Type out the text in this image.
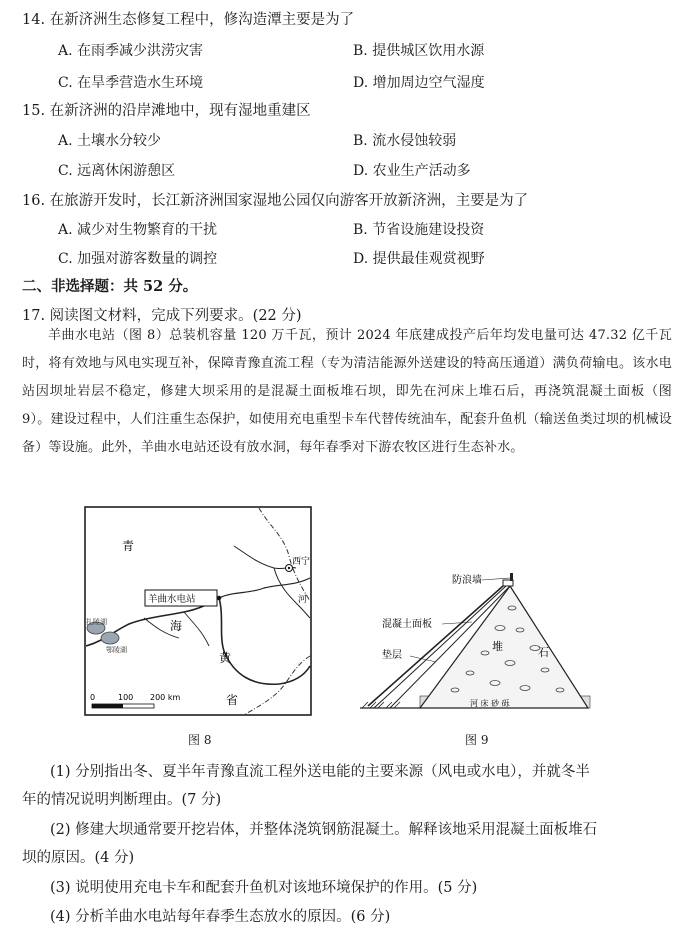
14. 在新济洲生态修复工程中，修沟造潭主要是为了
A. 在雨季减少洪涝灾害	B. 提供城区饮用水源
C. 在旱季营造水生环境	D. 增加周边空气湿度
15. 在新济洲的沿岸滩地中，现有湿地重建区
A. 土壤水分较少	B. 流水侵蚀较弱
C. 远离休闲游憩区	D. 农业生产活动多
16. 在旅游开发时，长江新济洲国家湿地公园仅向游客开放新济洲，主要是为了
A. 减少对生物繁育的干扰	B. 节省设施建设投资
C. 加强对游客数量的调控	D. 提供最佳观赏视野
二、非选择题：共 52 分。
17. 阅读图文材料，完成下列要求。(22 分)
羊曲水电站（图 8）总装机容量 120 万千瓦，预计 2024 年底建成投产后年均发电量可达 47.32 亿千瓦时，将有效地与风电实现互补，保障青豫直流工程（专为清洁能源外送建设的特高压通道）满负荷输电。该水电站因坝址岩层不稳定，修建大坝采用的是混凝土面板堆石坝，即先在河床上堆石后，再浇筑混凝土面板（图 9）。建设过程中，人们注重生态保护，如使用充电重型卡车代替传统油车，配套升鱼机（输送鱼类过坝的机械设备）等设施。此外，羊曲水电站还设有放水洞，每年春季对下游农牧区进行生态补水。
青
海
黄
省
西宁
河
羊曲水电站
扎陵湖
鄂陵湖
0	100 200 km
图 8
防浪墙
混凝土面板
垫层
堆	石
河 床 砂 砾
图 9
(1) 分别指出冬、夏半年青豫直流工程外送电能的主要来源（风电或水电），并就冬半
年的情况说明判断理由。(7 分)
(2) 修建大坝通常要开挖岩体，并整体浇筑钢筋混凝土。解释该地采用混凝土面板堆石
坝的原因。(4 分)
(3) 说明使用充电卡车和配套升鱼机对该地环境保护的作用。(5 分)
(4) 分析羊曲水电站每年春季生态放水的原因。(6 分)
